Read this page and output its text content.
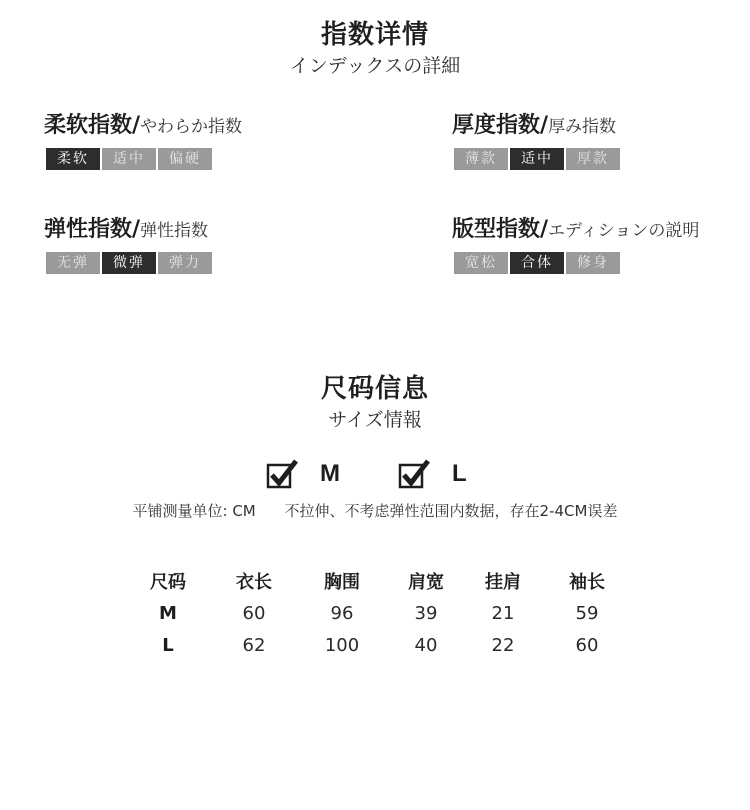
指数详情
インデックスの詳細
柔软指数/やわらか指数
柔软	适中	偏硬
厚度指数/厚み指数
薄款	适中	厚款
弹性指数/弹性指数
无弹	微弹	弹力
版型指数/エディションの説明
宽松	合体	修身
尺码信息
サイズ情報
M	L
平铺测量单位: CM 不拉伸、不考虑弹性范围内数据，存在2-4CM误差
尺码	衣长	胸围	肩宽	挂肩	袖长
M	60	96	39	21	59
L	62	100	40	22	60
